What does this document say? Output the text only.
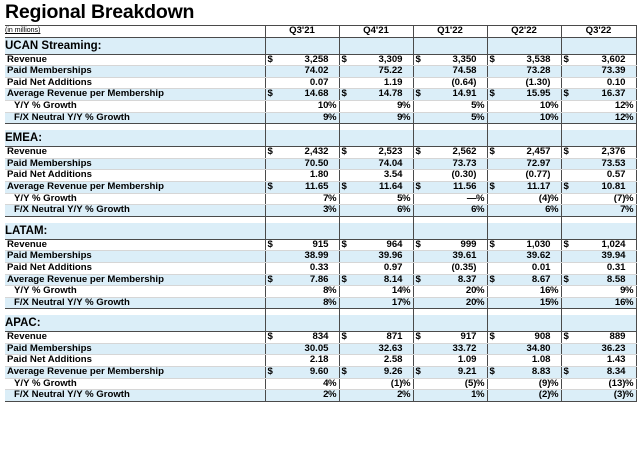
Regional Breakdown
(in millions)	Q3'21	Q4'21	Q1'22	Q2'22	Q3'22
UCAN Streaming:					
Revenue	$ 3,258	$ 3,309	$ 3,350	$ 3,538	$ 3,602

Paid Memberships	74.02	75.22	74.58	73.28	73.39

Paid Net Additions	0.07	1.19	(0.64)	(1.30)	0.10

Average Revenue per Membership	$ 14.68	$ 14.78	$ 14.91	$ 15.95	$ 16.37

Y/Y % Growth	10 %	9 %	5 %	10 %	12 %

F/X Neutral Y/Y % Growth	9 %	9 %	5 %	10 %	12 %

EMEA:					
Revenue	$ 2,432	$ 2,523	$ 2,562	$ 2,457	$ 2,376

Paid Memberships	70.50	74.04	73.73	72.97	73.53

Paid Net Additions	1.80	3.54	(0.30)	(0.77)	0.57

Average Revenue per Membership	$ 11.65	$ 11.64	$ 11.56	$ 11.17	$ 10.81

Y/Y % Growth	7 %	5 %	— %	(4) %	(7) %

F/X Neutral Y/Y % Growth	3 %	6 %	6 %	6 %	7 %

LATAM:					
Revenue	$ 915	$ 964	$ 999	$ 1,030	$ 1,024

Paid Memberships	38.99	39.96	39.61	39.62	39.94

Paid Net Additions	0.33	0.97	(0.35)	0.01	0.31

Average Revenue per Membership	$ 7.86	$ 8.14	$ 8.37	$ 8.67	$ 8.58

Y/Y % Growth	8 %	14 %	20 %	16 %	9 %

F/X Neutral Y/Y % Growth	8 %	17 %	20 %	15 %	16 %

APAC:					
Revenue	$ 834	$ 871	$ 917	$ 908	$ 889

Paid Memberships	30.05	32.63	33.72	34.80	36.23

Paid Net Additions	2.18	2.58	1.09	1.08	1.43

Average Revenue per Membership	$ 9.60	$ 9.26	$ 9.21	$ 8.83	$ 8.34

Y/Y % Growth	4 %	(1) %	(5) %	(9) %	(13) %

F/X Neutral Y/Y % Growth	2 %	2 %	1 %	(2) %	(3) %
